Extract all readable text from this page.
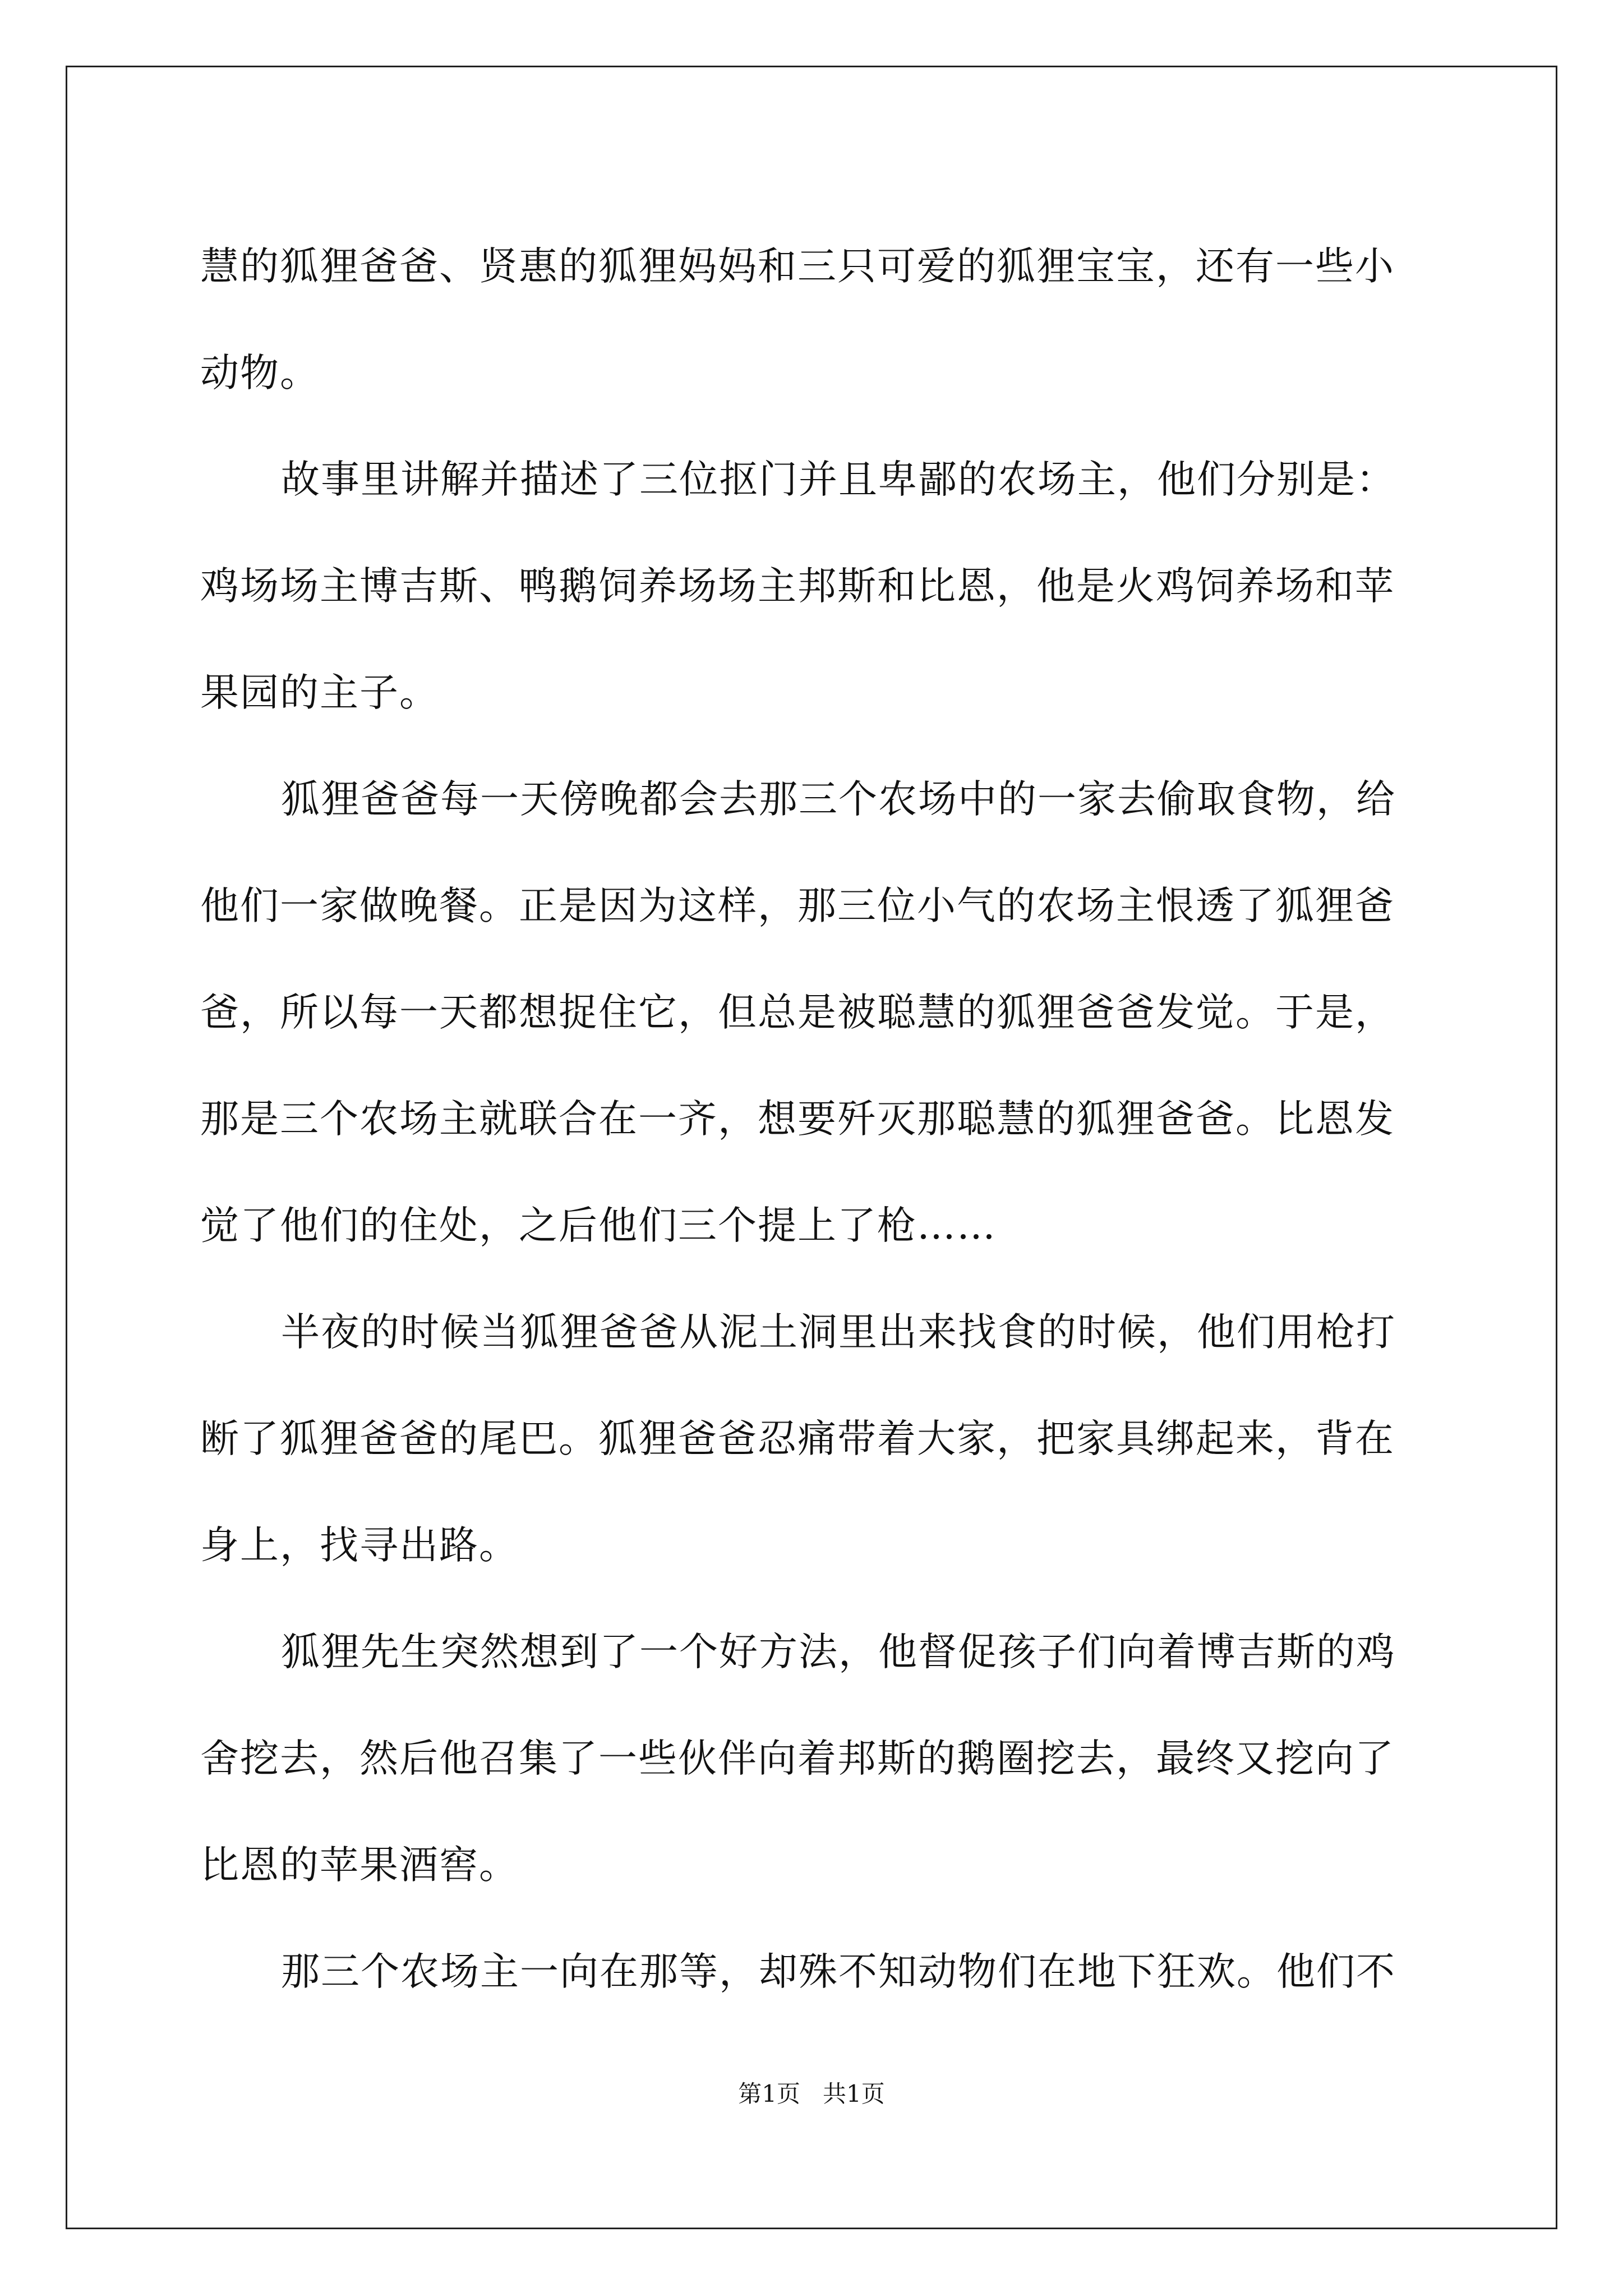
慧的狐狸爸爸、贤惠的狐狸妈妈和三只可爱的狐狸宝宝，还有一些小
动物。

故事里讲解并描述了三位抠门并且卑鄙的农场主，他们分别是：
鸡场场主博吉斯、鸭鹅饲养场场主邦斯和比恩，他是火鸡饲养场和苹
果园的主子。

狐狸爸爸每一天傍晚都会去那三个农场中的一家去偷取食物，给
他们一家做晚餐。正是因为这样，那三位小气的农场主恨透了狐狸爸
爸，所以每一天都想捉住它，但总是被聪慧的狐狸爸爸发觉。于是，
那是三个农场主就联合在一齐，想要歼灭那聪慧的狐狸爸爸。比恩发
觉了他们的住处，之后他们三个提上了枪……

半夜的时候当狐狸爸爸从泥土洞里出来找食的时候，他们用枪打
断了狐狸爸爸的尾巴。狐狸爸爸忍痛带着大家，把家具绑起来，背在
身上，找寻出路。

狐狸先生突然想到了一个好方法，他督促孩子们向着博吉斯的鸡
舍挖去，然后他召集了一些伙伴向着邦斯的鹅圈挖去，最终又挖向了
比恩的苹果酒窖。

那三个农场主一向在那等，却殊不知动物们在地下狂欢。他们不

第1页 共1页
